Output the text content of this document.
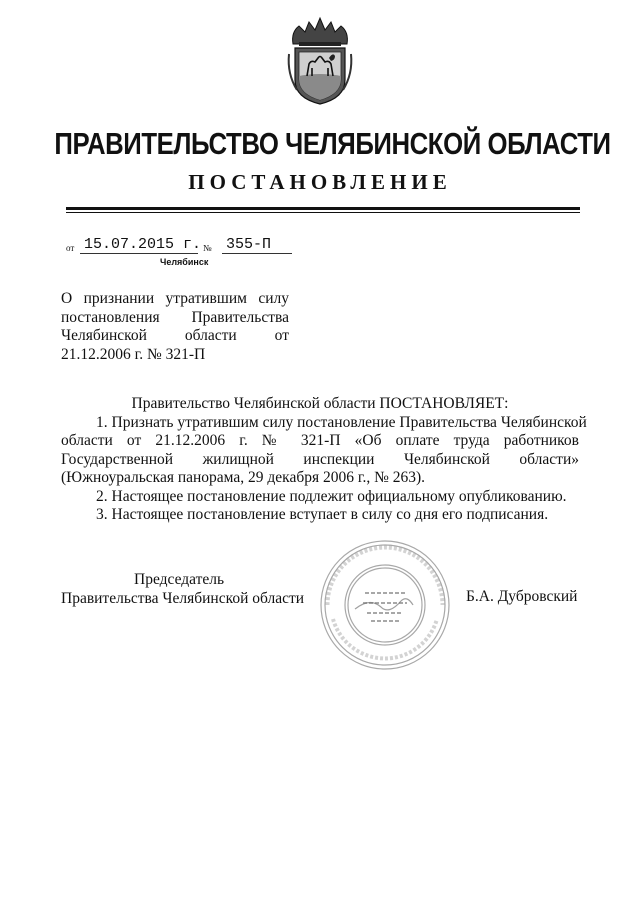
ПРАВИТЕЛЬСТВО ЧЕЛЯБИНСКОЙ ОБЛАСТИ
ПОСТАНОВЛЕНИЕ
от 15.07.2015 г. № 355-П
Челябинск
О признании утратившим силу
постановления Правительства
Челябинской области от
21.12.2006 г. № 321-П
Правительство Челябинской области ПОСТАНОВЛЯЕТ:
1. Признать утратившим силу постановление Правительства Челябинской
области от 21.12.2006 г. № 321-П «Об оплате труда работников
Государственной жилищной инспекции Челябинской области»
(Южноуральская панорама, 29 декабря 2006 г., № 263).
2. Настоящее постановление подлежит официальному опубликованию.
3. Настоящее постановление вступает в силу со дня его подписания.
Председатель
Правительства Челябинской области	Б.А. Дубровский
